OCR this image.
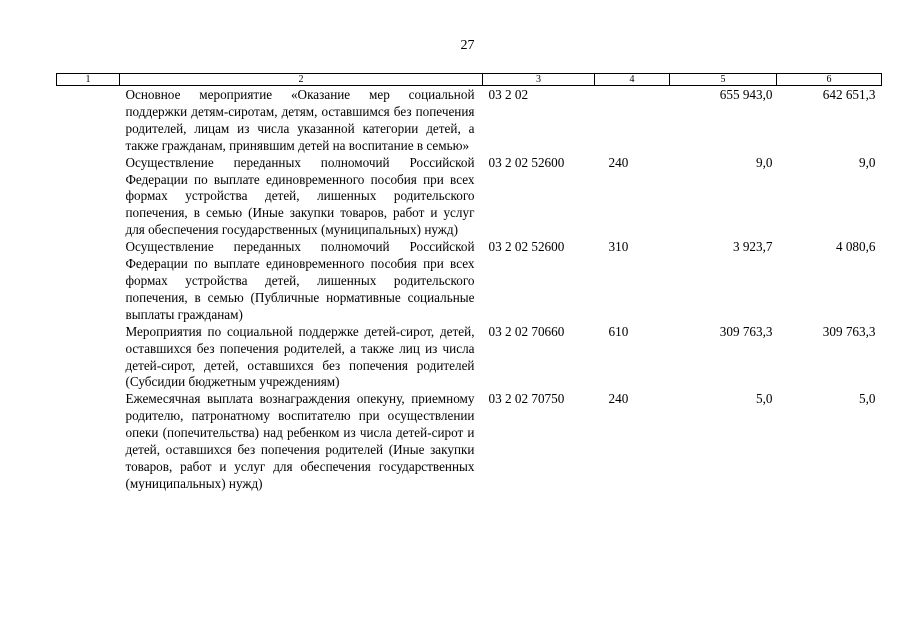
27
1	2	3	4	5	6
	Основное мероприятие «Оказание мер социальной поддержки детям-сиротам, детям, оставшимся без попечения родителей, лицам из числа указанной категории детей, а также гражданам, принявшим детей на воспитание в семью»	03 2 02		655 943,0	642 651,3
	Осуществление переданных полномочий Российской Федерации по выплате единовременного пособия при всех формах устройства детей, лишенных родительского попечения, в семью (Иные закупки товаров, работ и услуг для обеспечения государственных (муниципальных) нужд)	03 2 02 52600	240	9,0	9,0
	Осуществление переданных полномочий Российской Федерации по выплате единовременного пособия при всех формах устройства детей, лишенных родительского попечения, в семью (Публичные нормативные социальные выплаты гражданам)	03 2 02 52600	310	3 923,7	4 080,6
	Мероприятия по социальной поддержке детей-сирот, детей, оставшихся без попечения родителей, а также лиц из числа детей-сирот, детей, оставшихся без попечения родителей (Субсидии бюджетным учреждениям)	03 2 02 70660	610	309 763,3	309 763,3
	Ежемесячная выплата вознаграждения опекуну, приемному родителю, патронатному воспитателю при осуществлении опеки (попечительства) над ребенком из числа детей-сирот и детей, оставшихся без попечения родителей (Иные закупки товаров, работ и услуг для обеспечения государственных (муниципальных) нужд)	03 2 02 70750	240	5,0	5,0
